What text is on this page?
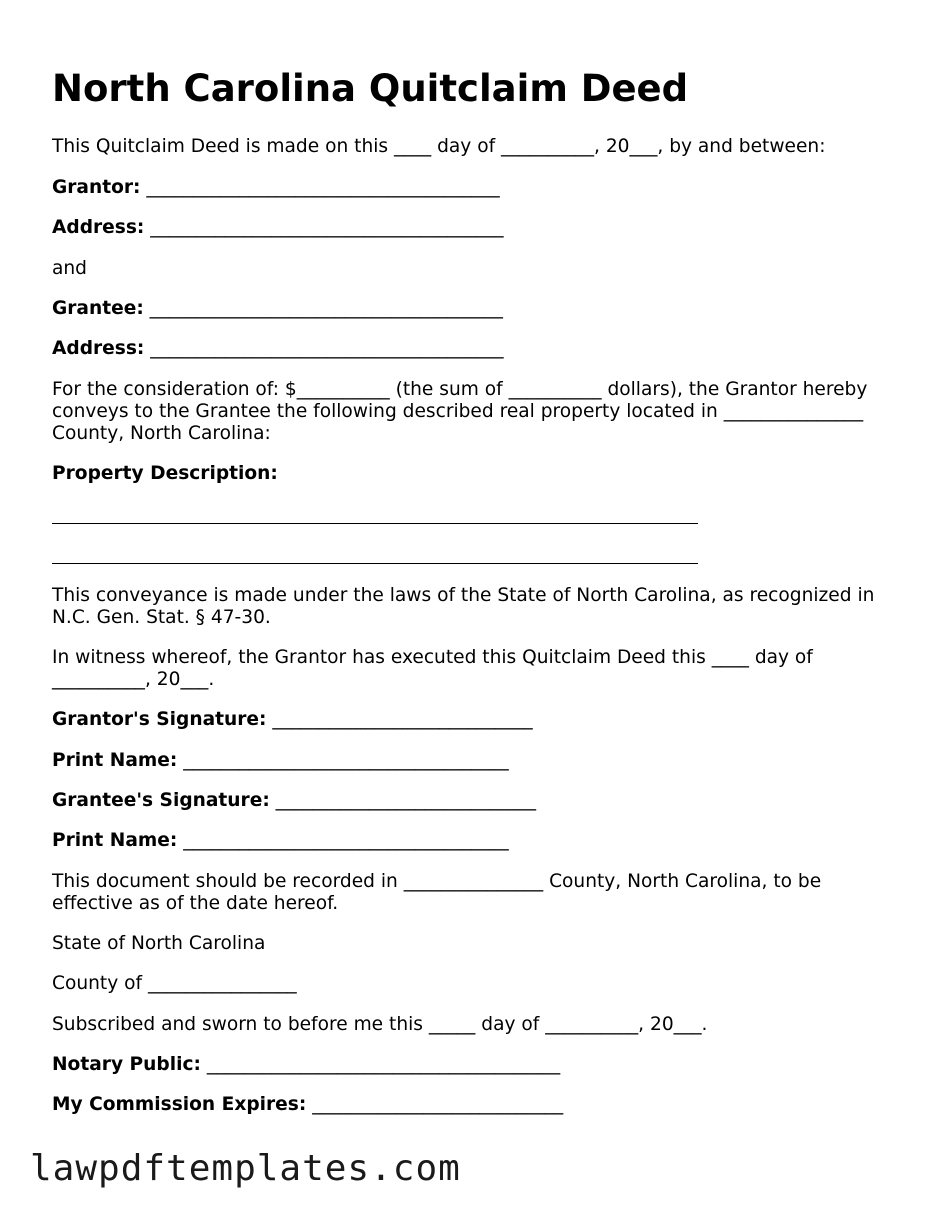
North Carolina Quitclaim Deed

This Quitclaim Deed is made on this ____ day of __________, 20___, by and between:

Grantor: ______________________________________

Address: ______________________________________

and

Grantee: ______________________________________

Address: ______________________________________

For the consideration of: $__________ (the sum of __________ dollars), the Grantor hereby conveys to the Grantee the following described real property located in _______________ County, North Carolina:

Property Description:

This conveyance is made under the laws of the State of North Carolina, as recognized in N.C. Gen. Stat. § 47-30.

In witness whereof, the Grantor has executed this Quitclaim Deed this ____ day of __________, 20___.

Grantor's Signature: ____________________________

Print Name: ___________________________________

Grantee's Signature: ____________________________

Print Name: ___________________________________

This document should be recorded in _______________ County, North Carolina, to be effective as of the date hereof.

State of North Carolina

County of ________________

Subscribed and sworn to before me this _____ day of __________, 20___.

Notary Public: ______________________________________

My Commission Expires: ___________________________

lawpdftemplates.com
